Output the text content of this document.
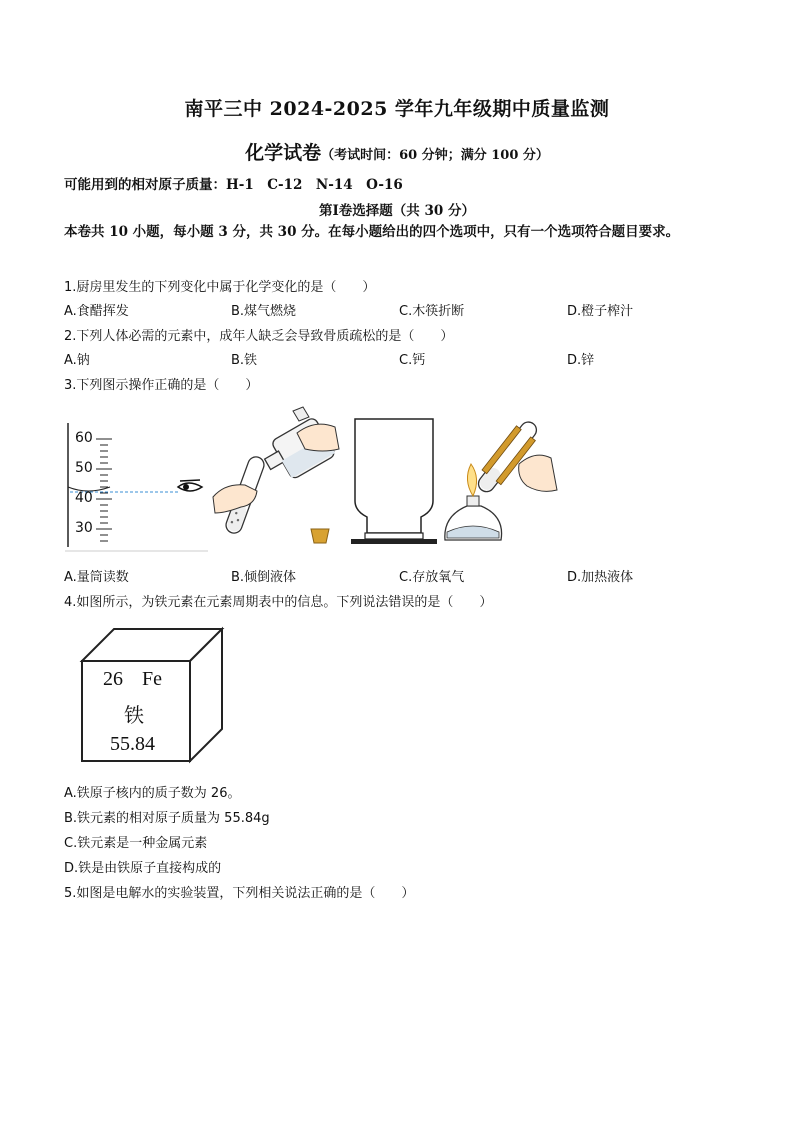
南平三中 2024-2025 学年九年级期中质量监测
化学试卷（考试时间：60 分钟；满分 100 分）
可能用到的相对原子质量：H-1　C-12　N-14　O-16
第Ⅰ卷选择题（共 30 分）
本卷共 10 小题，每小题 3 分，共 30 分。在每小题给出的四个选项中，只有一个选项符合题目要求。
1.厨房里发生的下列变化中属于化学变化的是（　　）
A.食醋挥发	B.煤气燃烧	C.木筷折断	D.橙子榨汁
2.下列人体必需的元素中，成年人缺乏会导致骨质疏松的是（　　）
A.钠	B.铁	C.钙	D.锌
3.下列图示操作正确的是（　　）
60
50
40
30
A.量筒读数	B.倾倒液体	C.存放氧气	D.加热液体
4.如图所示，为铁元素在元素周期表中的信息。下列说法错误的是（　　）
26 Fe
铁
55.84
A.铁原子核内的质子数为 26。
B.铁元素的相对原子质量为 55.84g
C.铁元素是一种金属元素
D.铁是由铁原子直接构成的
5.如图是电解水的实验装置，下列相关说法正确的是（　　）
